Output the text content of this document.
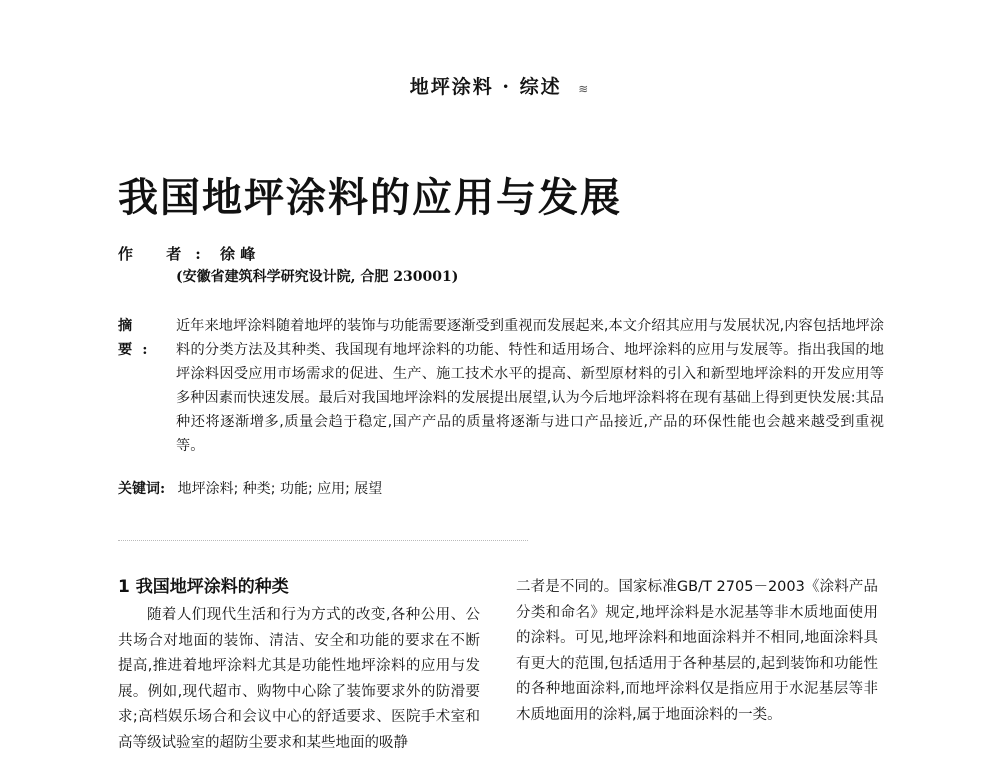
地坪涂料 · 综述 ≋
我国地坪涂料的应用与发展
作 者: 徐 峰
(安徽省建筑科学研究设计院, 合肥 230001)
摘 要:
近年来地坪涂料随着地坪的装饰与功能需要逐渐受到重视而发展起来,本文介绍其应用与发展状况,内容包括地坪涂料的分类方法及其种类、我国现有地坪涂料的功能、特性和适用场合、地坪涂料的应用与发展等。指出我国的地坪涂料因受应用市场需求的促进、生产、施工技术水平的提高、新型原材料的引入和新型地坪涂料的开发应用等多种因素而快速发展。最后对我国地坪涂料的发展提出展望,认为今后地坪涂料将在现有基础上得到更快发展:其品种还将逐渐增多,质量会趋于稳定,国产产品的质量将逐渐与进口产品接近,产品的环保性能也会越来越受到重视等。
关键词: 地坪涂料; 种类; 功能; 应用; 展望
1 我国地坪涂料的种类

随着人们现代生活和行为方式的改变,各种公用、公共场合对地面的装饰、清洁、安全和功能的要求在不断提高,推进着地坪涂料尤其是功能性地坪涂料的应用与发展。例如,现代超市、购物中心除了装饰要求外的防滑要求;高档娱乐场合和会议中心的舒适要求、医院手术室和高等级试验室的超防尘要求和某些地面的吸静

二者是不同的。国家标准GB/T 2705－2003《涂料产品分类和命名》规定,地坪涂料是水泥基等非木质地面使用的涂料。可见,地坪涂料和地面涂料并不相同,地面涂料具有更大的范围,包括适用于各种基层的,起到装饰和功能性的各种地面涂料,而地坪涂料仅是指应用于水泥基层等非木质地面用的涂料,属于地面涂料的一类。
